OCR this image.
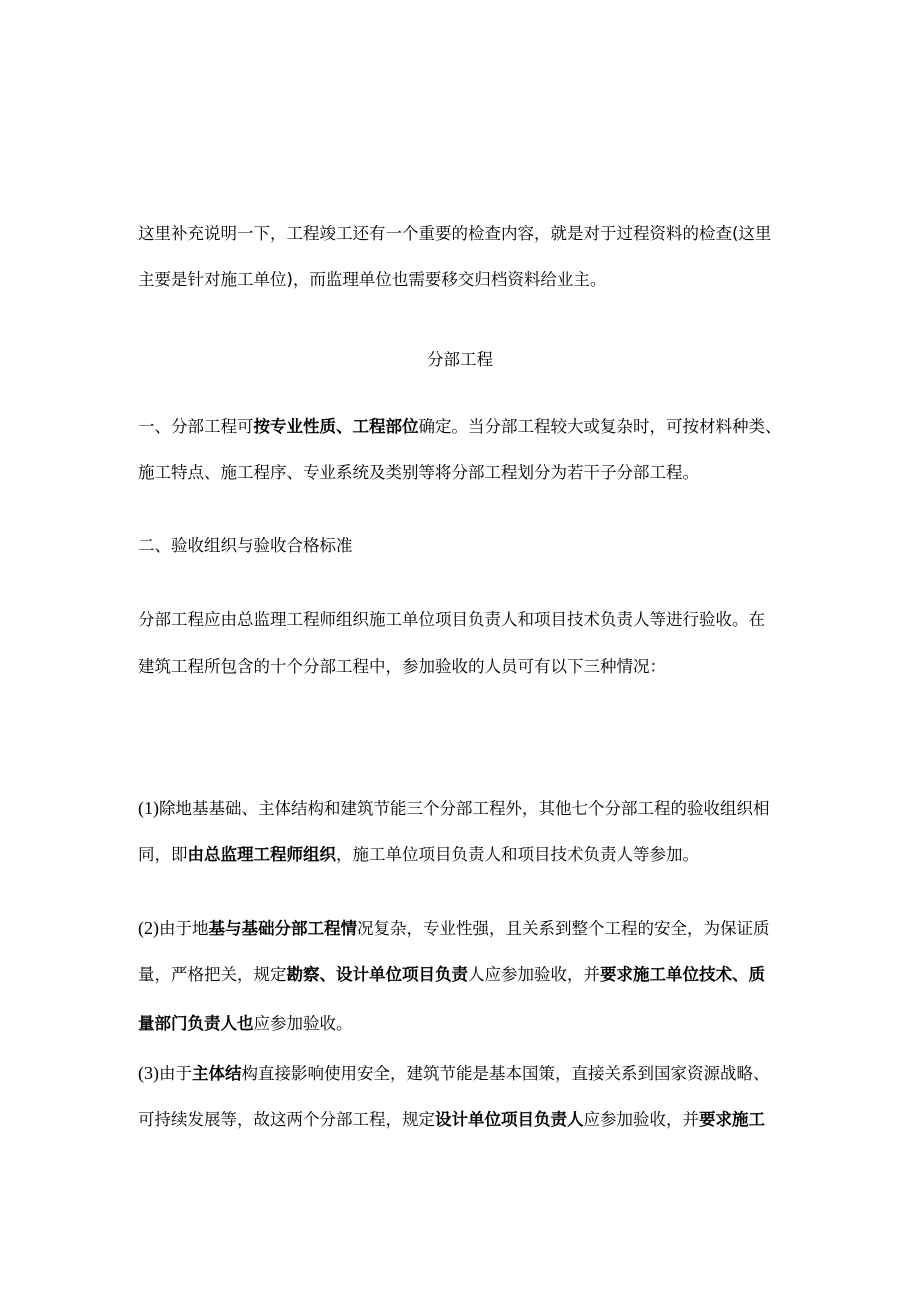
这里补充说明一下，工程竣工还有一个重要的检查内容，就是对于过程资料的检查(这里
主要是针对施工单位)，而监理单位也需要移交归档资料给业主。
分部工程
一、分部工程可按专业性质、工程部位确定。当分部工程较大或复杂时，可按材料种类、
施工特点、施工程序、专业系统及类别等将分部工程划分为若干子分部工程。
二、验收组织与验收合格标准
分部工程应由总监理工程师组织施工单位项目负责人和项目技术负责人等进行验收。在
建筑工程所包含的十个分部工程中，参加验收的人员可有以下三种情况：
(1)除地基基础、主体结构和建筑节能三个分部工程外，其他七个分部工程的验收组织相
同，即由总监理工程师组织，施工单位项目负责人和项目技术负责人等参加。
(2)由于地基与基础分部工程情况复杂，专业性强，且关系到整个工程的安全，为保证质
量，严格把关，规定勘察、设计单位项目负责人应参加验收，并要求施工单位技术、质
量部门负责人也应参加验收。
(3)由于主体结构直接影响使用安全，建筑节能是基本国策，直接关系到国家资源战略、
可持续发展等，故这两个分部工程，规定设计单位项目负责人应参加验收，并要求施工
